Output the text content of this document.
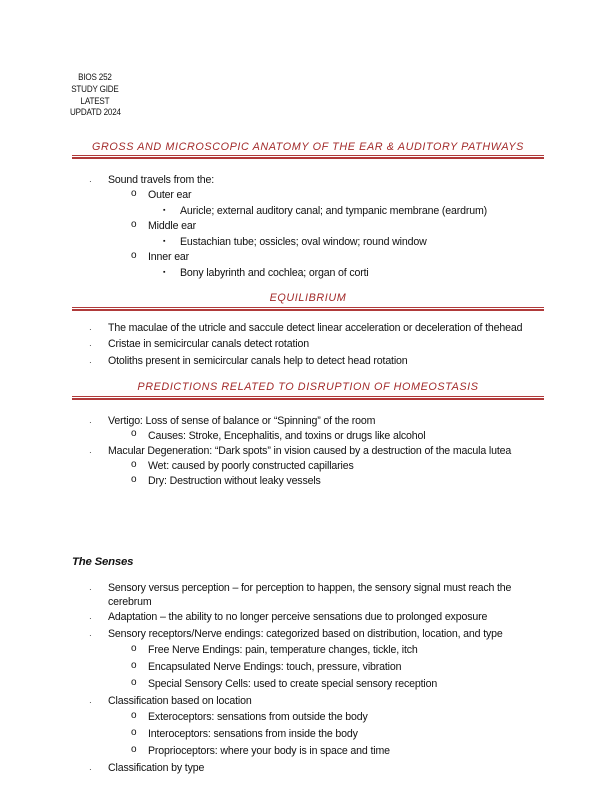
BIOS 252
STUDY GIDE
LATEST
UPDATD 2024
GROSS AND MICROSCOPIC ANATOMY OF THE EAR & AUDITORY PATHWAYS
· Sound travels from the:
o Outer ear
▪ Auricle; external auditory canal; and tympanic membrane (eardrum)
o Middle ear
▪ Eustachian tube; ossicles; oval window; round window
o Inner ear
▪ Bony labyrinth and cochlea; organ of corti
EQUILIBRIUM
· The maculae of the utricle and saccule detect linear acceleration or deceleration of thehead
· Cristae in semicircular canals detect rotation
· Otoliths present in semicircular canals help to detect head rotation
PREDICTIONS RELATED TO DISRUPTION OF HOMEOSTASIS
· Vertigo: Loss of sense of balance or “Spinning” of the room
o Causes: Stroke, Encephalitis, and toxins or drugs like alcohol
· Macular Degeneration: “Dark spots” in vision caused by a destruction of the macula lutea
o Wet: caused by poorly constructed capillaries
o Dry: Destruction without leaky vessels
The Senses
· Sensory versus perception – for perception to happen, the sensory signal must reach the
cerebrum
· Adaptation – the ability to no longer perceive sensations due to prolonged exposure
· Sensory receptors/Nerve endings: categorized based on distribution, location, and type
o Free Nerve Endings: pain, temperature changes, tickle, itch
o Encapsulated Nerve Endings: touch, pressure, vibration
o Special Sensory Cells: used to create special sensory reception
· Classification based on location
o Exteroceptors: sensations from outside the body
o Interoceptors: sensations from inside the body
o Proprioceptors: where your body is in space and time
· Classification by type
